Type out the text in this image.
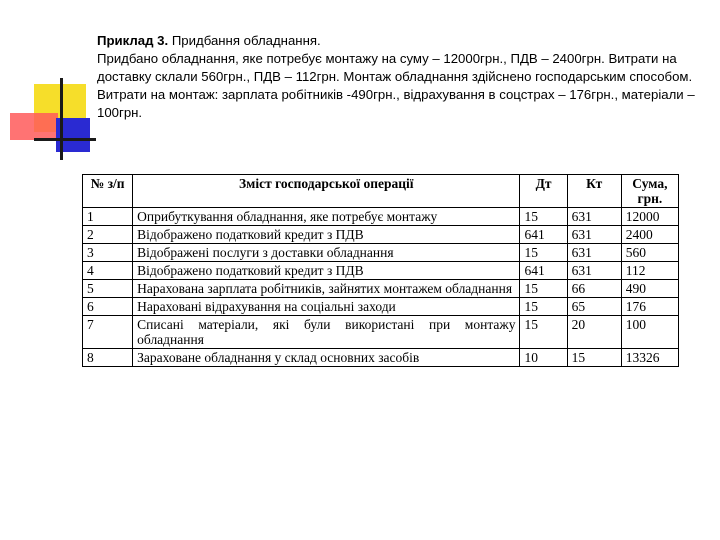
Приклад 3. Придбання обладнання.

Придбано обладнання, яке потребує монтажу на суму – 12000грн., ПДВ – 2400грн. Витрати на доставку склали 560грн., ПДВ – 112грн. Монтаж обладнання здійснено господарським способом. Витрати на монтаж: зарплата робітників -490грн., відрахування в соцстрах – 176грн., матеріали – 100грн.

№ з/п	Зміст господарської операції	Дт	Кт	Сума, грн.
1	Оприбуткування обладнання, яке потребує монтажу	15	631	12000
2	Відображено податковий кредит з ПДВ	641	631	2400
3	Відображені послуги з доставки обладнання	15	631	560
4	Відображено податковий кредит з ПДВ	641	631	112
5	Нарахована зарплата робітників, зайнятих монтажем обладнання	15	66	490
6	Нараховані відрахування на соціальні заходи	15	65	176
7	Списані матеріали, які були використані при монтажу обладнання	15	20	100
8	Зараховане обладнання у склад основних засобів	10	15	13326
